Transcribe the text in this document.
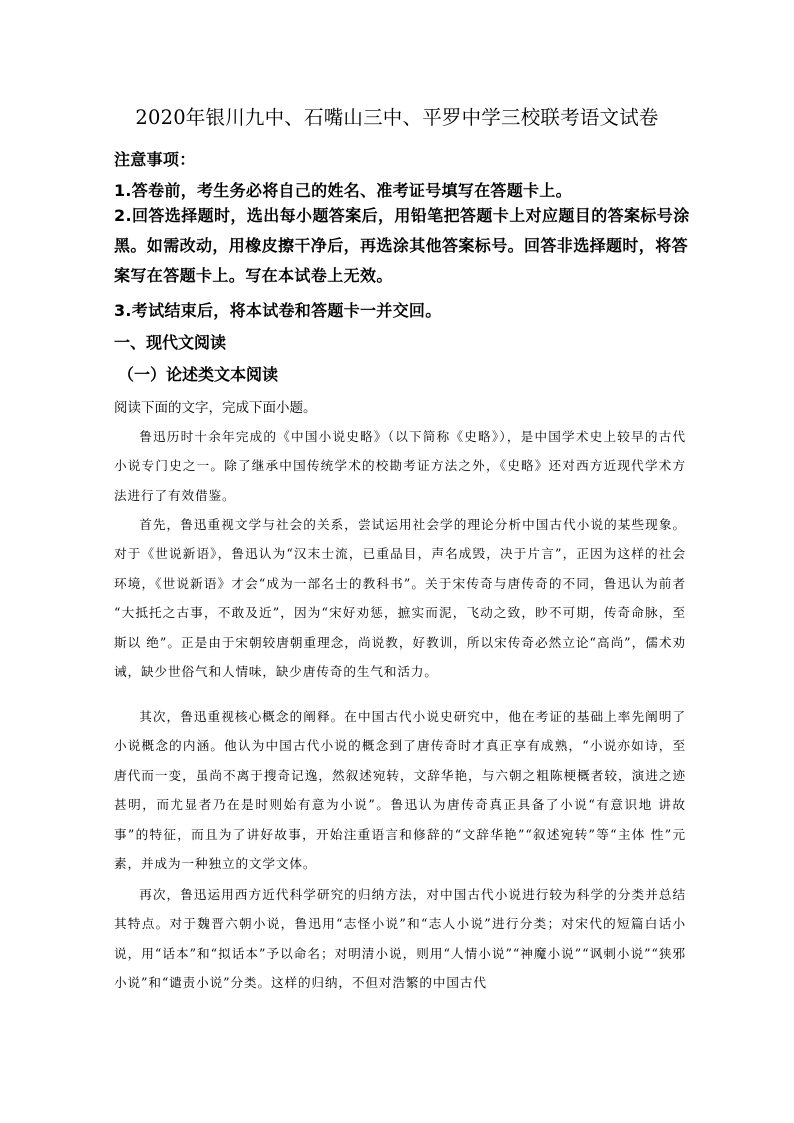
2020年银川九中、石嘴山三中、平罗中学三校联考语文试卷
注意事项：
1.答卷前，考生务必将自己的姓名、准考证号填写在答题卡上。
2.回答选择题时，选出每小题答案后，用铅笔把答题卡上对应题目的答案标号涂黑。如需改动，用橡皮擦干净后，再选涂其他答案标号。回答非选择题时，将答案写在答题卡上。写在本试卷上无效。
3.考试结束后，将本试卷和答题卡一并交回。
一、现代文阅读
（一）论述类文本阅读
阅读下面的文字，完成下面小题。
鲁迅历时十余年完成的《中国小说史略》（以下简称《史略》），是中国学术史上较早的古代小说专门史之一。除了继承中国传统学术的校勘考证方法之外，《史略》还对西方近现代学术方法进行了有效借鉴。
首先，鲁迅重视文学与社会的关系，尝试运用社会学的理论分析中国古代小说的某些现象。 对于《世说新语》，鲁迅认为“汉末士流，已重品目，声名成毁，决于片言”，正因为这样的社会环境，《世说新语》才会“成为一部名士的教科书”。关于宋传奇与唐传奇的不同，鲁迅认为前者 “大抵托之古事，不敢及近”，因为“宋好劝惩，摭实而泥，飞动之致，眇不可期，传奇命脉，至斯以 绝”。正是由于宋朝较唐朝重理念，尚说教，好教训，所以宋传奇必然立论“高尚”，儒术劝诫，缺少世俗气和人情味，缺少唐传奇的生气和活力。
其次，鲁迅重视核心概念的阐释。在中国古代小说史研究中，他在考证的基础上率先阐明了小说概念的内涵。他认为中国古代小说的概念到了唐传奇时才真正享有成熟，“小说亦如诗，至唐代而一变，虽尚不离于搜奇记逸，然叙述宛转，文辞华艳，与六朝之粗陈梗概者较，演进之迹甚明，而尤显者乃在是时则始有意为小说”。鲁迅认为唐传奇真正具备了小说“有意识地 讲故事”的特征，而且为了讲好故事，开始注重语言和修辞的“文辞华艳”“叙述宛转”等“主体 性”元素，并成为一种独立的文学文体。
再次，鲁迅运用西方近代科学研究的归纳方法，对中国古代小说进行较为科学的分类并总结其特点。对于魏晋六朝小说，鲁迅用“志怪小说”和“志人小说”进行分类；对宋代的短篇白话小说，用“话本”和“拟话本”予以命名；对明清小说，则用“人情小说”“神魔小说”“讽刺小说”“狭邪小说”和“谴责小说”分类。这样的归纳，不但对浩繁的中国古代
